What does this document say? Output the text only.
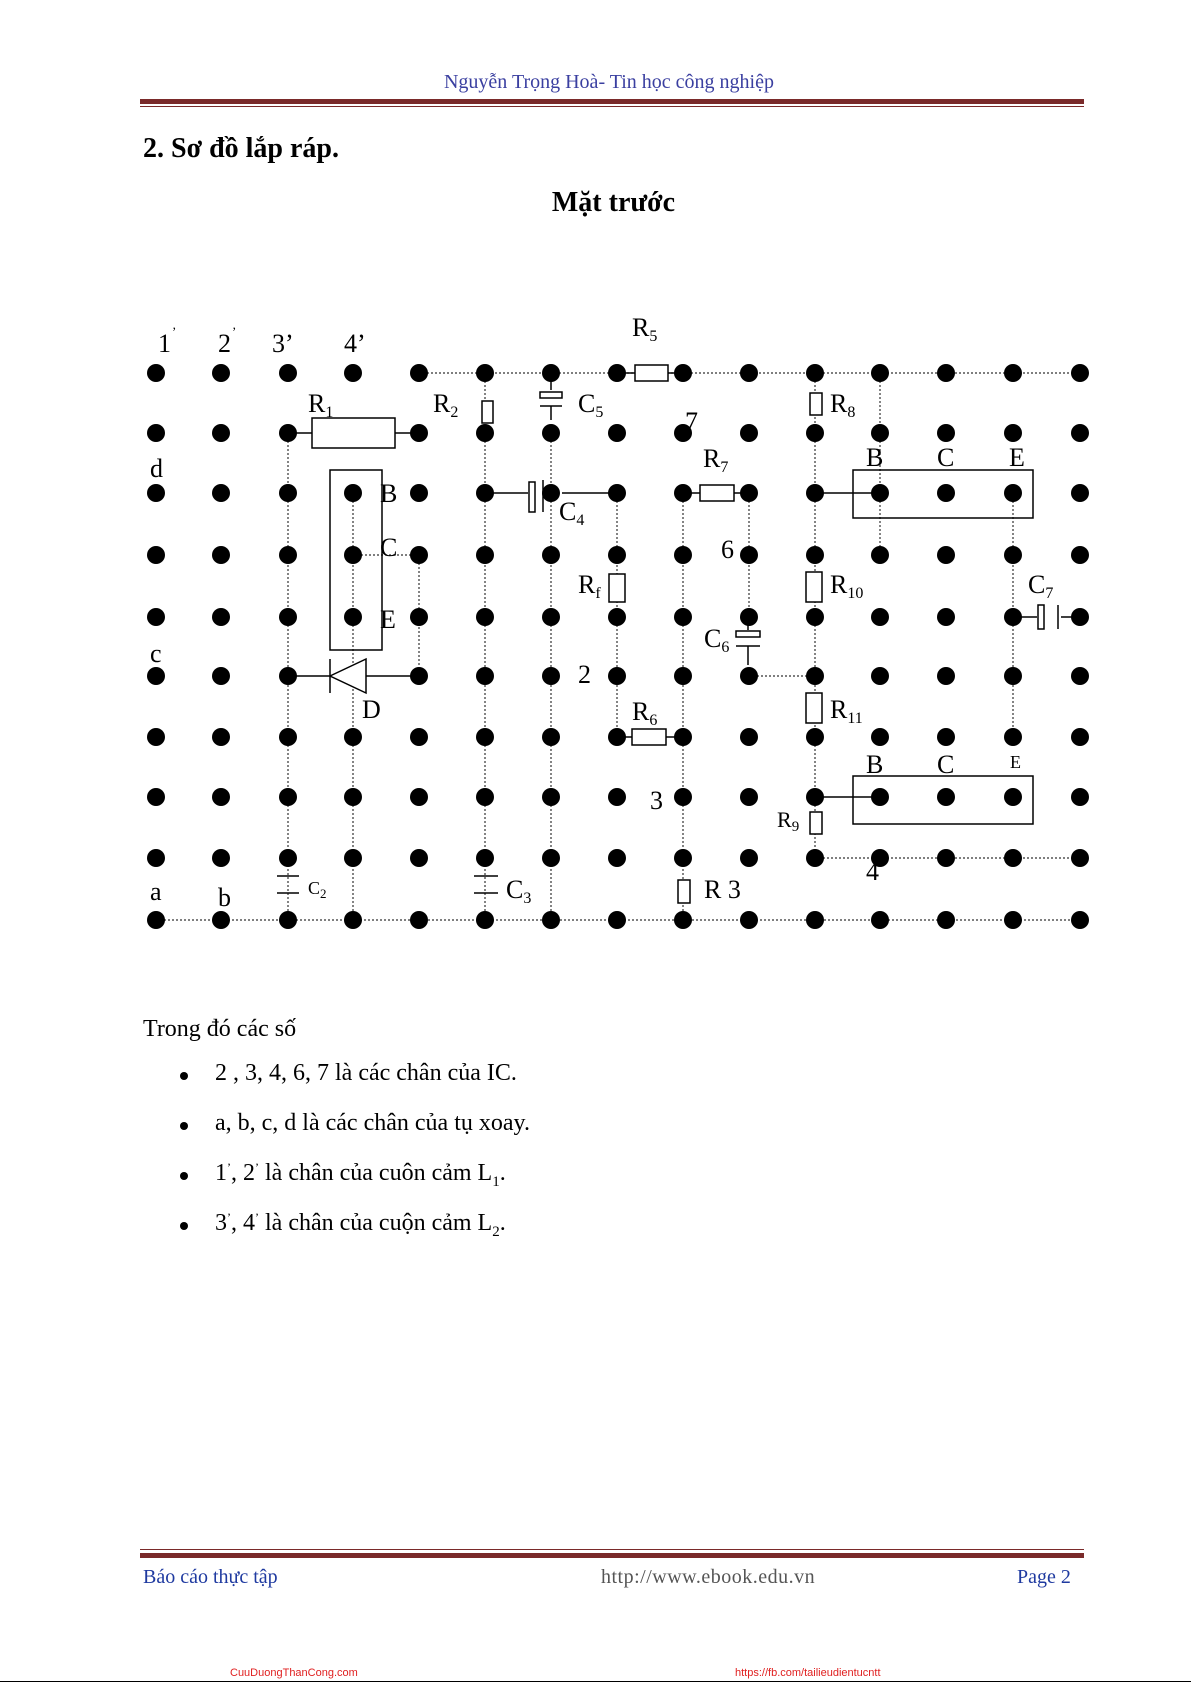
Nguyễn Trọng Hoà- Tin học công nghiệp
2. Sơ đồ lắp ráp.
Mặt trước
1 ’ 2 ’ 3’ 4’
d
c
a b
R5
R1	R2	C5	R8
R7
C4
Rf	R10	C7
C6
R6	R11
R9
R 3
$C_2$	C3
D
B
C
E
B C E
B C	E
7
6
2
3
4
Trong đó các số
2 , 3, 4, 6, 7 là các chân của IC.
a, b, c, d là các chân của tụ xoay.
1’, 2’ là chân của cuôn cảm $L_1$.
3’, 4’ là chân của cuộn cảm $L_2$.
Báo cáo thực tập	http://www.ebook.edu.vn	Page 2
CuuDuongThanCong.com	https://fb.com/tailieudientucntt
